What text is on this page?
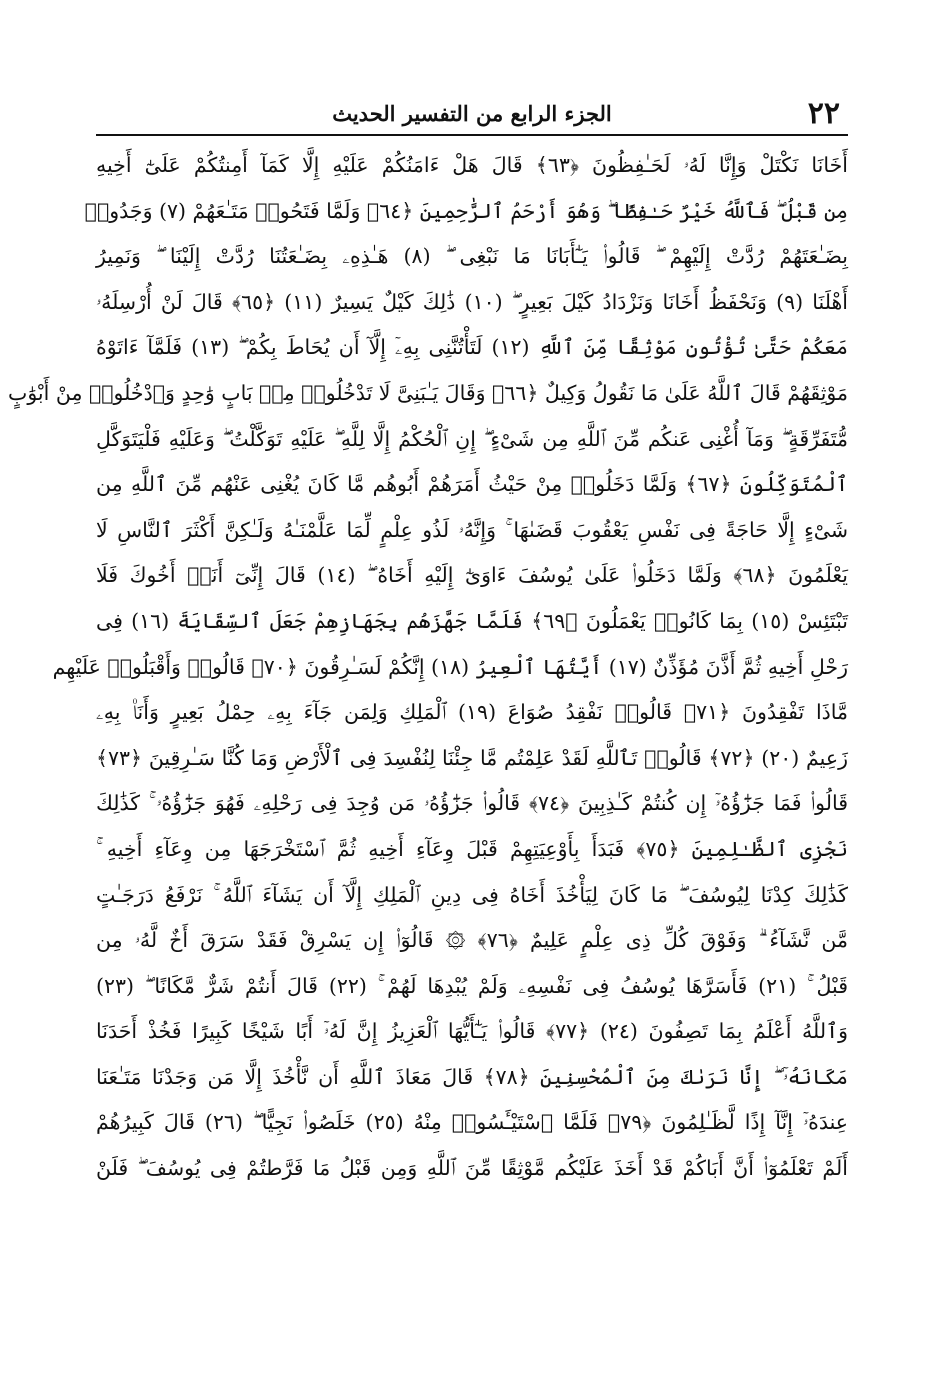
٢٢
الجزء الرابع من التفسير الحديث
أَخَانَا نَكْتَلْ وَإِنَّا لَهُۥ لَحَـٰفِظُونَ ﴿٦٣﴾ قَالَ هَلْ ءَامَنُكُمْ عَلَيْهِ إِلَّا كَمَآ أَمِنتُكُمْ عَلَىٰٓ أَخِيهِ
مِن قَبْلُ ۖ فَٱللَّهُ خَيْرٌ حَـٰفِظًا ۖ وَهُوَ أَرْحَمُ ٱلرَّٰحِمِينَ ﴿٦٤﴾ وَلَمَّا فَتَحُوا۟ مَتَـٰعَهُمْ (٧) وَجَدُوا۟
بِضَـٰعَتَهُمْ رُدَّتْ إِلَيْهِمْ ۖ قَالُوا۟ يَـٰٓأَبَانَا مَا نَبْغِى ۖ (٨) هَـٰذِهِۦ بِضَـٰعَتُنَا رُدَّتْ إِلَيْنَا ۖ وَنَمِيرُ
أَهْلَنَا (٩) وَنَحْفَظُ أَخَانَا وَنَزْدَادُ كَيْلَ بَعِيرٍ ۖ (١٠) ذَٰلِكَ كَيْلٌ يَسِيرٌ (١١) ﴿٦٥﴾ قَالَ لَنْ أُرْسِلَهُۥ
مَعَكُمْ حَتَّىٰ تُؤْتُونِ مَوْثِقًا مِّنَ ٱللَّهِ (١٢) لَتَأْتُنَّنِى بِهِۦٓ إِلَّآ أَن يُحَاطَ بِكُمْ ۖ (١٣) فَلَمَّآ ءَاتَوْهُ
مَوْثِقَهُمْ قَالَ ٱللَّهُ عَلَىٰ مَا نَقُولُ وَكِيلٌ ﴿٦٦﴾ وَقَالَ يَـٰبَنِىَّ لَا تَدْخُلُوا۟ مِنۢ بَابٍ وَٰحِدٍ وَٱدْخُلُوا۟ مِنْ أَبْوَٰبٍ
مُّتَفَرِّقَةٍ ۖ وَمَآ أُغْنِى عَنكُم مِّنَ ٱللَّهِ مِن شَىْءٍ ۖ إِنِ ٱلْحُكْمُ إِلَّا لِلَّهِ ۖ عَلَيْهِ تَوَكَّلْتُ ۖ وَعَلَيْهِ فَلْيَتَوَكَّلِ
ٱلْمُتَوَكِّلُونَ ﴿٦٧﴾ وَلَمَّا دَخَلُوا۟ مِنْ حَيْثُ أَمَرَهُمْ أَبُوهُم مَّا كَانَ يُغْنِى عَنْهُم مِّنَ ٱللَّهِ مِن
شَىْءٍ إِلَّا حَاجَةً فِى نَفْسِ يَعْقُوبَ قَضَىٰهَا ۚ وَإِنَّهُۥ لَذُو عِلْمٍ لِّمَا عَلَّمْنَـٰهُ وَلَـٰكِنَّ أَكْثَرَ ٱلنَّاسِ لَا
يَعْلَمُونَ ﴿٦٨﴾ وَلَمَّا دَخَلُوا۟ عَلَىٰ يُوسُفَ ءَاوَىٰٓ إِلَيْهِ أَخَاهُ ۖ (١٤) قَالَ إِنِّىٓ أَنَا۠ أَخُوكَ فَلَا
تَبْتَئِسْ (١٥) بِمَا كَانُوا۟ يَعْمَلُونَ ﴿٦٩﴾ فَلَمَّا جَهَّزَهُم بِجَهَازِهِمْ جَعَلَ ٱلسِّقَايَةَ (١٦) فِى
رَحْلِ أَخِيهِ ثُمَّ أَذَّنَ مُؤَذِّنٌ (١٧) أَيَّتُهَا ٱلْعِيرُ (١٨) إِنَّكُمْ لَسَـٰرِقُونَ ﴿٧٠﴾ قَالُوا۟ وَأَقْبَلُوا۟ عَلَيْهِم
مَّاذَا تَفْقِدُونَ ﴿٧١﴾ قَالُوا۟ نَفْقِدُ صُوَاعَ (١٩) ٱلْمَلِكِ وَلِمَن جَآءَ بِهِۦ حِمْلُ بَعِيرٍ وَأَنَا۠ بِهِۦ
زَعِيمٌ (٢٠) ﴿٧٢﴾ قَالُوا۟ تَٱللَّهِ لَقَدْ عَلِمْتُم مَّا جِئْنَا لِنُفْسِدَ فِى ٱلْأَرْضِ وَمَا كُنَّا سَـٰرِقِينَ ﴿٧٣﴾
قَالُوا۟ فَمَا جَزَٰٓؤُهُۥٓ إِن كُنتُمْ كَـٰذِبِينَ ﴿٧٤﴾ قَالُوا۟ جَزَٰٓؤُهُۥ مَن وُجِدَ فِى رَحْلِهِۦ فَهُوَ جَزَٰٓؤُهُۥ ۚ كَذَٰلِكَ
نَجْزِى ٱلظَّـٰلِمِينَ ﴿٧٥﴾ فَبَدَأَ بِأَوْعِيَتِهِمْ قَبْلَ وِعَآءِ أَخِيهِ ثُمَّ ٱسْتَخْرَجَهَا مِن وِعَآءِ أَخِيهِ ۚ
كَذَٰلِكَ كِدْنَا لِيُوسُفَ ۖ مَا كَانَ لِيَأْخُذَ أَخَاهُ فِى دِينِ ٱلْمَلِكِ إِلَّآ أَن يَشَآءَ ٱللَّهُ ۚ نَرْفَعُ دَرَجَـٰتٍ
مَّن نَّشَآءُ ۗ وَفَوْقَ كُلِّ ذِى عِلْمٍ عَلِيمٌ ﴿٧٦﴾ ۞ قَالُوٓا۟ إِن يَسْرِقْ فَقَدْ سَرَقَ أَخٌ لَّهُۥ مِن
قَبْلُ ۚ (٢١) فَأَسَرَّهَا يُوسُفُ فِى نَفْسِهِۦ وَلَمْ يُبْدِهَا لَهُمْ ۚ (٢٢) قَالَ أَنتُمْ شَرٌّ مَّكَانًا ۖ (٢٣)
وَٱللَّهُ أَعْلَمُ بِمَا تَصِفُونَ (٢٤) ﴿٧٧﴾ قَالُوا۟ يَـٰٓأَيُّهَا ٱلْعَزِيزُ إِنَّ لَهُۥٓ أَبًا شَيْخًا كَبِيرًا فَخُذْ أَحَدَنَا
مَكَانَهُۥٓ ۖ إِنَّا نَرَىٰكَ مِنَ ٱلْمُحْسِنِينَ ﴿٧٨﴾ قَالَ مَعَاذَ ٱللَّهِ أَن نَّأْخُذَ إِلَّا مَن وَجَدْنَا مَتَـٰعَنَا
عِندَهُۥٓ إِنَّآ إِذًا لَّظَـٰلِمُونَ ﴿٧٩﴾ فَلَمَّا ٱسْتَيْـَٔسُوا۟ مِنْهُ (٢٥) خَلَصُوا۟ نَجِيًّا ۖ (٢٦) قَالَ كَبِيرُهُمْ
أَلَمْ تَعْلَمُوٓا۟ أَنَّ أَبَاكُمْ قَدْ أَخَذَ عَلَيْكُم مَّوْثِقًا مِّنَ ٱللَّهِ وَمِن قَبْلُ مَا فَرَّطتُمْ فِى يُوسُفَ ۖ فَلَنْ
